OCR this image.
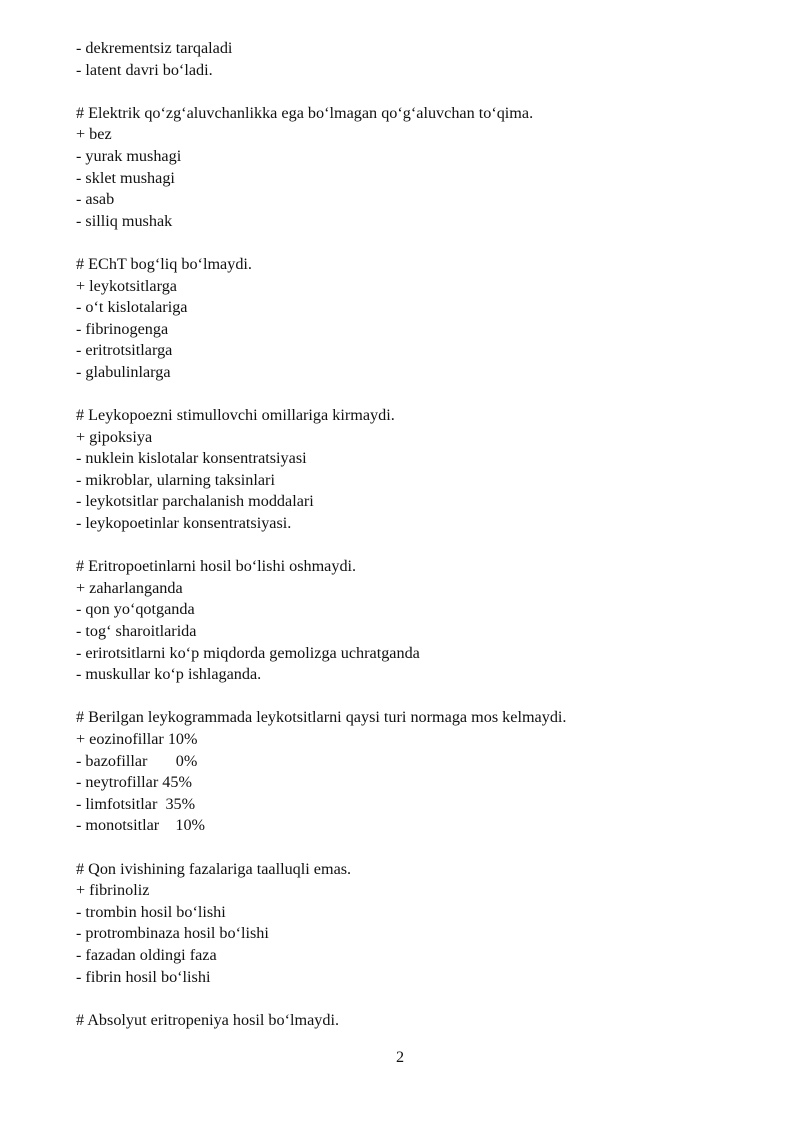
- dekrementsiz tarqaladi
- latent davri bo‘ladi.
# Elektrik qo‘zg‘aluvchanlikka ega bo‘lmagan qo‘g‘aluvchan to‘qima.
+ bez
- yurak mushagi
- sklet mushagi
- asab
- silliq mushak
# EChT bog‘liq bo‘lmaydi.
+ leykotsitlarga
- o‘t kislotalariga
- fibrinogenga
- eritrotsitlarga
- glabulinlarga
# Leykopoezni stimullovchi omillariga kirmaydi.
+ gipoksiya
- nuklein kislotalar konsentratsiyasi
- mikroblar, ularning taksinlari
- leykotsitlar parchalanish moddalari
- leykopoetinlar konsentratsiyasi.
# Eritropoetinlarni hosil bo‘lishi oshmaydi.
+ zaharlanganda
- qon yo‘qotganda
- tog‘ sharoitlarida
- erirotsitlarni ko‘p miqdorda gemolizga uchratganda
- muskullar ko‘p ishlaganda.
# Berilgan leykogrammada leykotsitlarni qaysi turi normaga mos kelmaydi.
+ eozinofillar 10%
- bazofillar       0%
- neytrofillar 45%
- limfotsitlar  35%
- monotsitlar    10%
# Qon ivishining fazalariga taalluqli emas.
+ fibrinoliz
- trombin hosil bo‘lishi
- protrombinaza hosil bo‘lishi
- fazadan oldingi faza
- fibrin hosil bo‘lishi
# Absolyut eritropeniya hosil bo‘lmaydi.
2
